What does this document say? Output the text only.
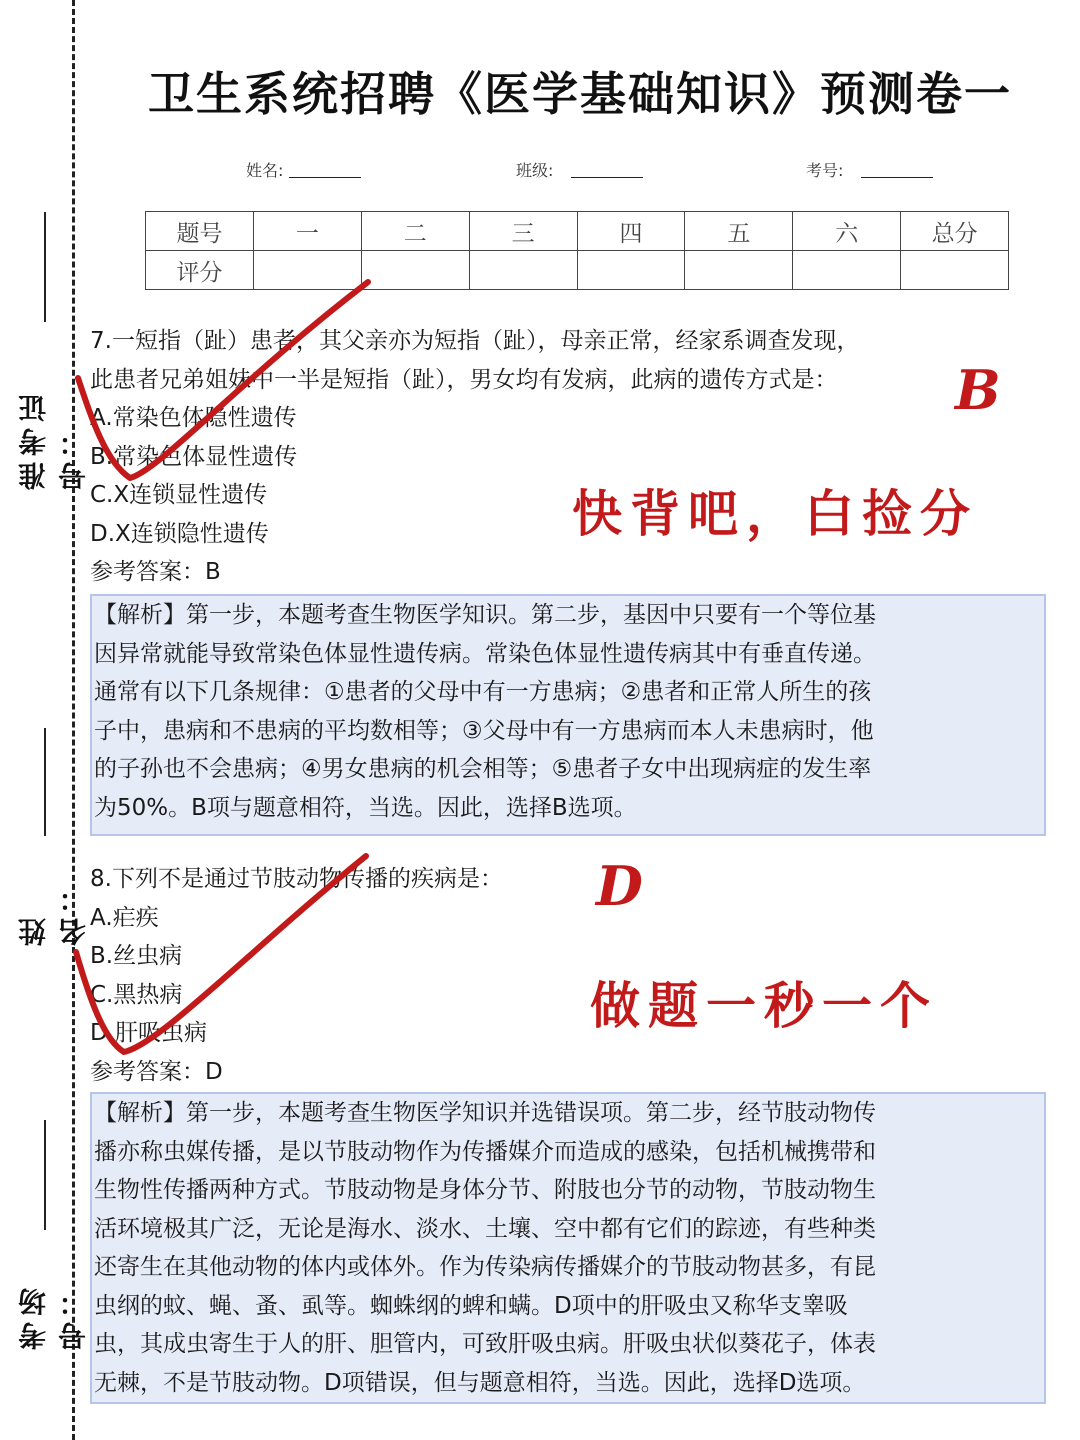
准考证号：
姓名：
考场号：
卫生系统招聘《医学基础知识》预测卷一
姓名:	班级:	考号:
题号	一	二	三	四	五	六	总分
评分							
7.一短指（趾）患者，其父亲亦为短指（趾），母亲正常，经家系调查发现，
此患者兄弟姐妹中一半是短指（趾），男女均有发病，此病的遗传方式是：
A.常染色体隐性遗传
B.常染色体显性遗传
C.X连锁显性遗传
D.X连锁隐性遗传
参考答案：B
【解析】第一步，本题考查生物医学知识。第二步，基因中只要有一个等位基
因异常就能导致常染色体显性遗传病。常染色体显性遗传病其中有垂直传递。
通常有以下几条规律：①患者的父母中有一方患病；②患者和正常人所生的孩
子中，患病和不患病的平均数相等；③父母中有一方患病而本人未患病时，他
的子孙也不会患病；④男女患病的机会相等；⑤患者子女中出现病症的发生率
为50%。B项与题意相符，当选。因此，选择B选项。
8.下列不是通过节肢动物传播的疾病是：
A.疟疾
B.丝虫病
C.黑热病
D.肝吸虫病
参考答案：D
【解析】第一步，本题考查生物医学知识并选错误项。第二步，经节肢动物传
播亦称虫媒传播，是以节肢动物作为传播媒介而造成的感染，包括机械携带和
生物性传播两种方式。节肢动物是身体分节、附肢也分节的动物，节肢动物生
活环境极其广泛，无论是海水、淡水、土壤、空中都有它们的踪迹，有些种类
还寄生在其他动物的体内或体外。作为传染病传播媒介的节肢动物甚多，有昆
虫纲的蚊、蝇、蚤、虱等。蜘蛛纲的蜱和螨。D项中的肝吸虫又称华支睾吸
虫，其成虫寄生于人的肝、胆管内，可致肝吸虫病。肝吸虫状似葵花子，体表
无棘，不是节肢动物。D项错误，但与题意相符，当选。因此，选择D选项。
B
D
快背吧，白捡分
做题一秒一个
